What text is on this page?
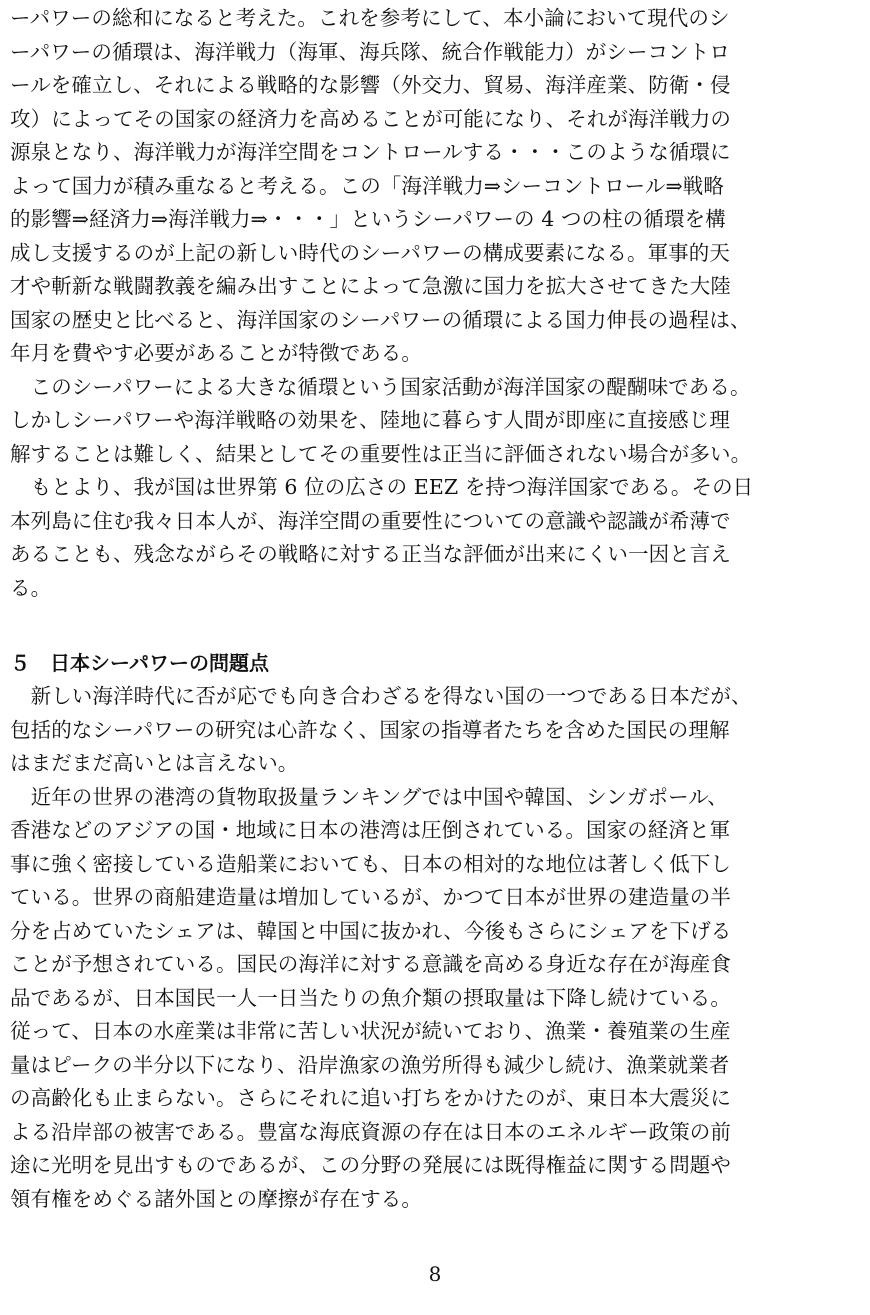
ーパワーの総和になると考えた。これを参考にして、本小論において現代のシ
ーパワーの循環は、海洋戦力（海軍、海兵隊、統合作戦能力）がシーコントロ
ールを確立し、それによる戦略的な影響（外交力、貿易、海洋産業、防衛・侵
攻）によってその国家の経済力を高めることが可能になり、それが海洋戦力の
源泉となり、海洋戦力が海洋空間をコントロールする・・・このような循環に
よって国力が積み重なると考える。この「海洋戦力⇒シーコントロール⇒戦略
的影響⇒経済力⇒海洋戦力⇒・・・」というシーパワーの 4 つの柱の循環を構
成し支援するのが上記の新しい時代のシーパワーの構成要素になる。軍事的天
才や斬新な戦闘教義を編み出すことによって急激に国力を拡大させてきた大陸
国家の歴史と比べると、海洋国家のシーパワーの循環による国力伸長の過程は、
年月を費やす必要があることが特徴である。
　このシーパワーによる大きな循環という国家活動が海洋国家の醍醐味である。
しかしシーパワーや海洋戦略の効果を、陸地に暮らす人間が即座に直接感じ理
解することは難しく、結果としてその重要性は正当に評価されない場合が多い。
　もとより、我が国は世界第 6 位の広さの EEZ を持つ海洋国家である。その日
本列島に住む我々日本人が、海洋空間の重要性についての意識や認識が希薄で
あることも、残念ながらその戦略に対する正当な評価が出来にくい一因と言え
る。
５　日本シーパワーの問題点
　新しい海洋時代に否が応でも向き合わざるを得ない国の一つである日本だが、
包括的なシーパワーの研究は心許なく、国家の指導者たちを含めた国民の理解
はまだまだ高いとは言えない。
　近年の世界の港湾の貨物取扱量ランキングでは中国や韓国、シンガポール、
香港などのアジアの国・地域に日本の港湾は圧倒されている。国家の経済と軍
事に強く密接している造船業においても、日本の相対的な地位は著しく低下し
ている。世界の商船建造量は増加しているが、かつて日本が世界の建造量の半
分を占めていたシェアは、韓国と中国に抜かれ、今後もさらにシェアを下げる
ことが予想されている。国民の海洋に対する意識を高める身近な存在が海産食
品であるが、日本国民一人一日当たりの魚介類の摂取量は下降し続けている。
従って、日本の水産業は非常に苦しい状況が続いており、漁業・養殖業の生産
量はピークの半分以下になり、沿岸漁家の漁労所得も減少し続け、漁業就業者
の高齢化も止まらない。さらにそれに追い打ちをかけたのが、東日本大震災に
よる沿岸部の被害である。豊富な海底資源の存在は日本のエネルギー政策の前
途に光明を見出すものであるが、この分野の発展には既得権益に関する問題や
領有権をめぐる諸外国との摩擦が存在する。
8
